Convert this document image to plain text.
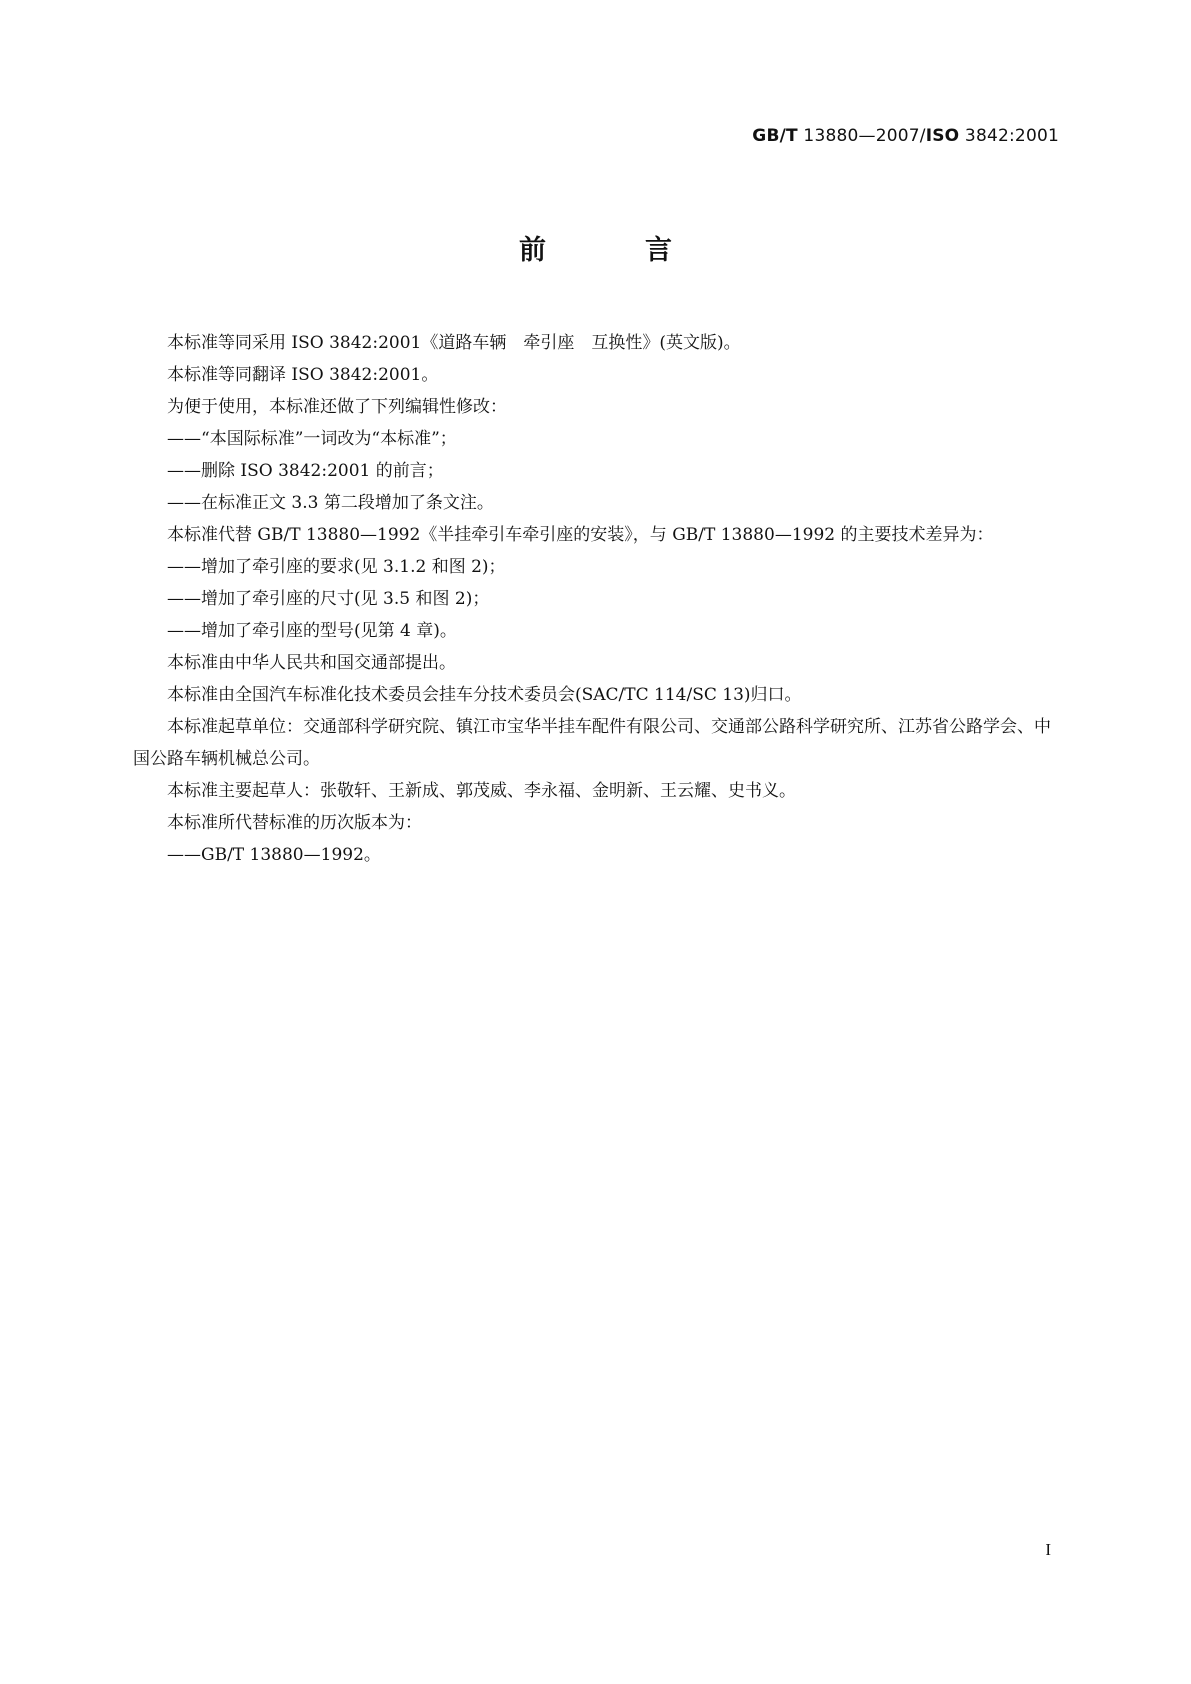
GB/T 13880—2007/ISO 3842:2001
前　言

本标准等同采用 ISO 3842:2001《道路车辆　牵引座　互换性》(英文版)。

本标准等同翻译 ISO 3842:2001。

为便于使用，本标准还做了下列编辑性修改：

——“本国际标准”一词改为“本标准”；

——删除 ISO 3842:2001 的前言；

——在标准正文 3.3 第二段增加了条文注。

本标准代替 GB/T 13880—1992《半挂牵引车牵引座的安装》，与 GB/T 13880—1992 的主要技术差异为：

——增加了牵引座的要求(见 3.1.2 和图 2)；

——增加了牵引座的尺寸(见 3.5 和图 2)；

——增加了牵引座的型号(见第 4 章)。

本标准由中华人民共和国交通部提出。

本标准由全国汽车标准化技术委员会挂车分技术委员会(SAC/TC 114/SC 13)归口。

本标准起草单位：交通部科学研究院、镇江市宝华半挂车配件有限公司、交通部公路科学研究所、江苏省公路学会、中国公路车辆机械总公司。

本标准主要起草人：张敬轩、王新成、郭茂威、李永福、金明新、王云耀、史书义。

本标准所代替标准的历次版本为：

——GB/T 13880—1992。

I
